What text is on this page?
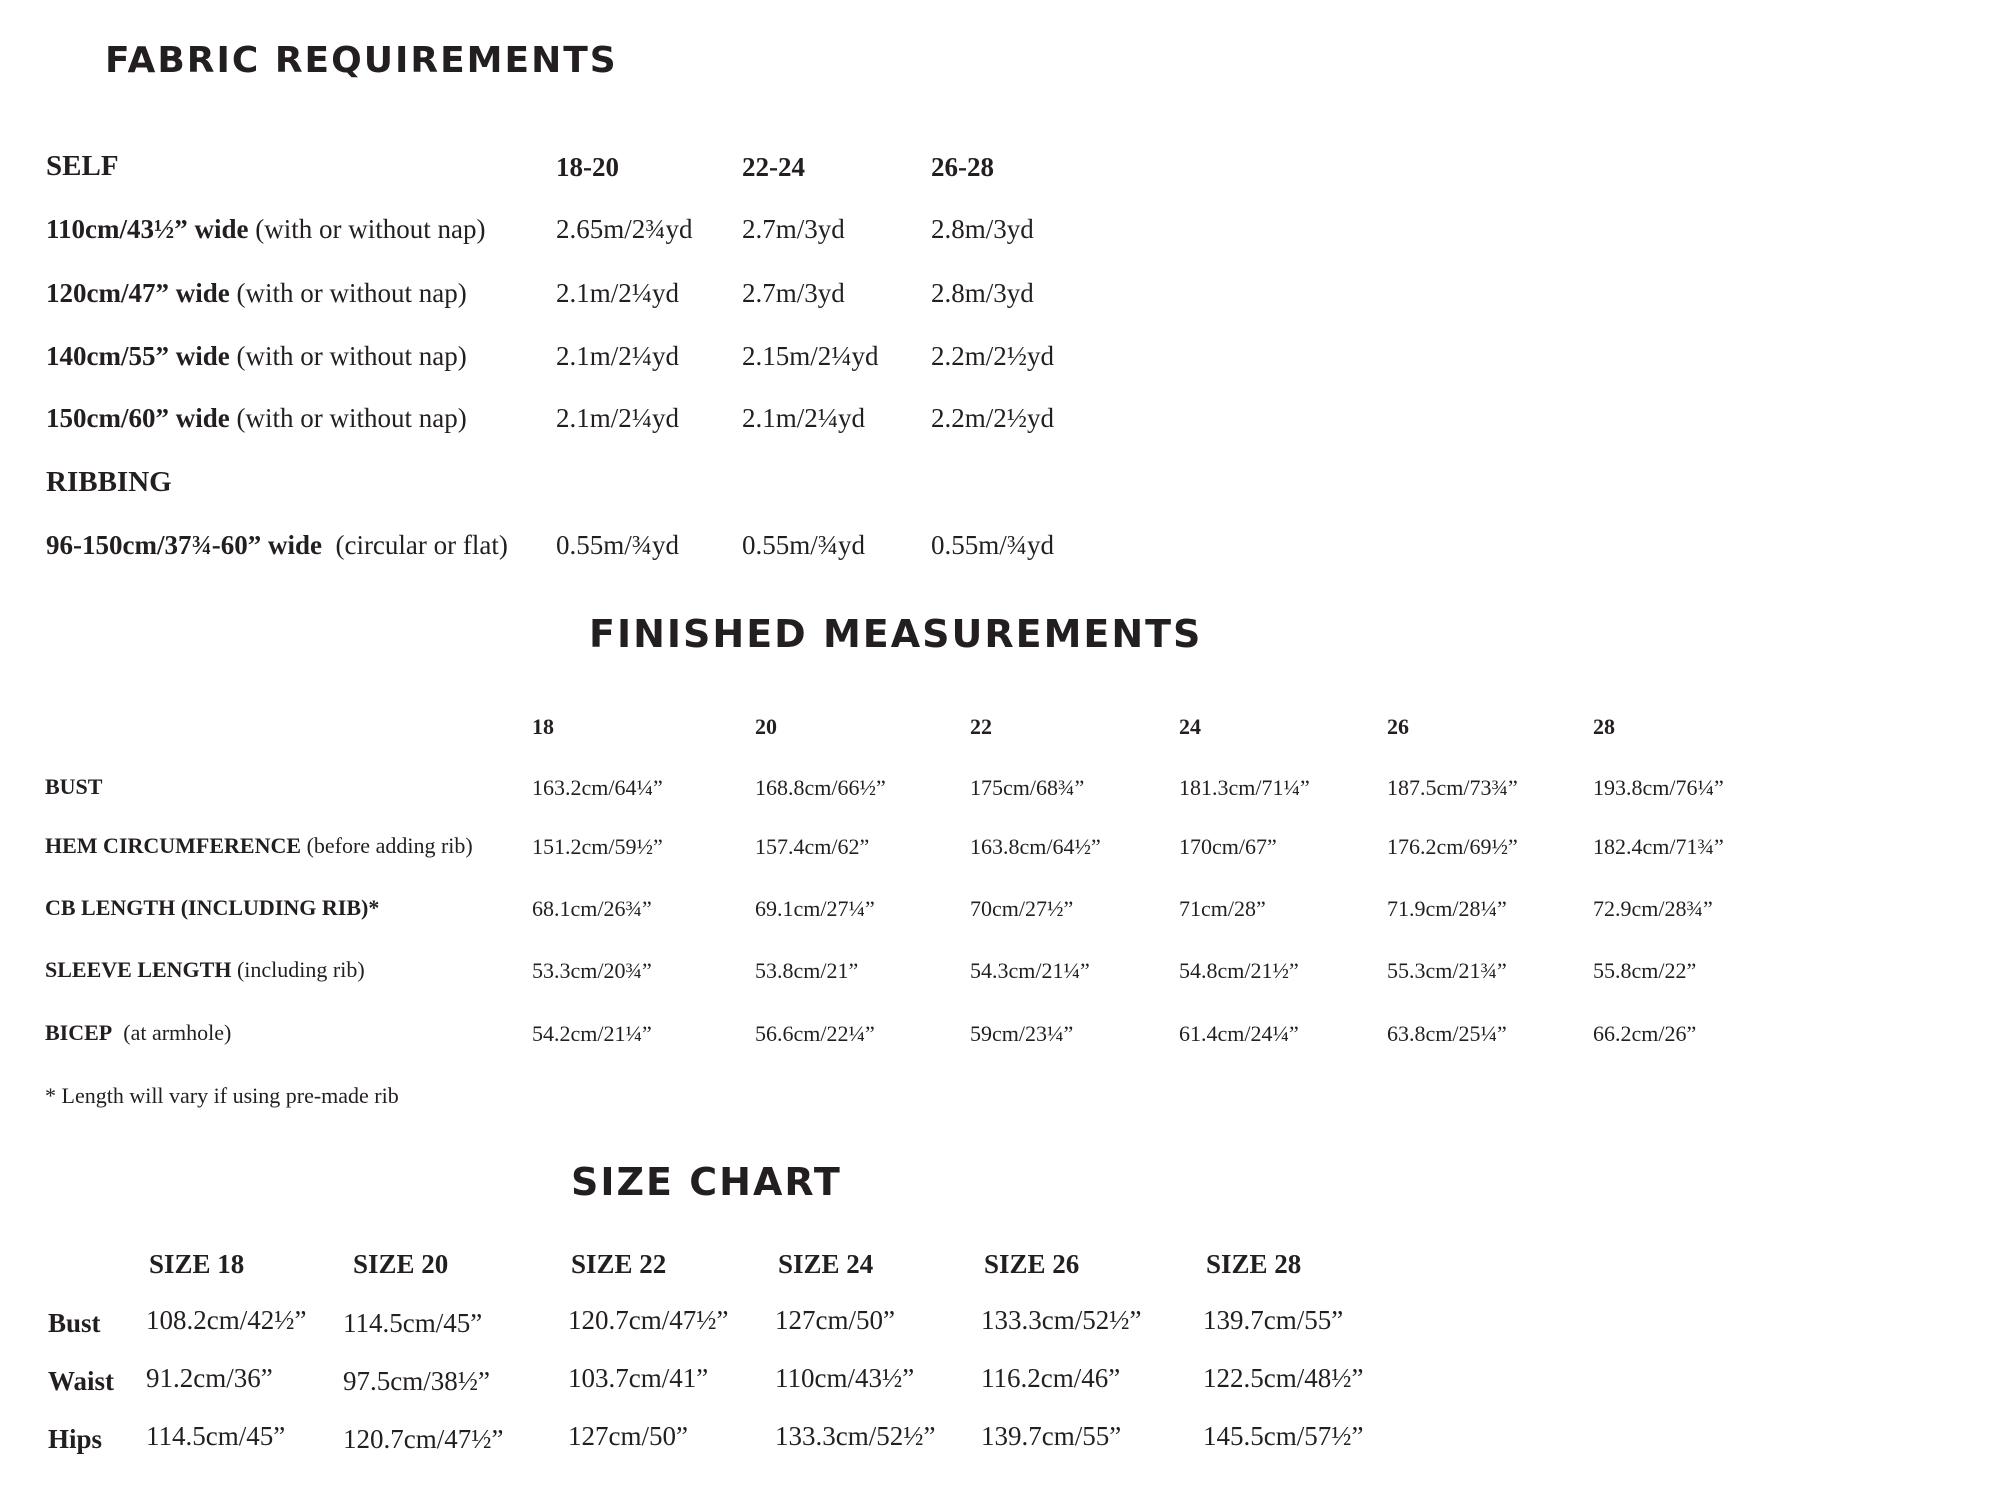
FABRIC REQUIREMENTS
SELF	18-20	22-24	26-28
110cm/43½” wide (with or without nap)	2.65m/2¾yd 2.7m/3yd	2.8m/3yd
120cm/47” wide (with or without nap)	2.1m/2¼yd 2.7m/3yd	2.8m/3yd
140cm/55” wide (with or without nap)	2.1m/2¼yd 2.15m/2¼yd 2.2m/2½yd
150cm/60” wide (with or without nap)	2.1m/2¼yd 2.1m/2¼yd 2.2m/2½yd
RIBBING
96-150cm/37¾-60” wide  (circular or flat) 0.55m/¾yd 0.55m/¾yd 0.55m/¾yd
FINISHED MEASUREMENTS
18	20	22	24	26	28
BUST	163.2cm/64¼”	168.8cm/66½”	175cm/68¾”	181.3cm/71¼”	187.5cm/73¾”	193.8cm/76¼”
HEM CIRCUMFERENCE (before adding rib)	151.2cm/59½”	157.4cm/62”	163.8cm/64½”	170cm/67”	176.2cm/69½”	182.4cm/71¾”
CB LENGTH (INCLUDING RIB)*	68.1cm/26¾”	69.1cm/27¼”	70cm/27½”	71cm/28”	71.9cm/28¼”	72.9cm/28¾”
SLEEVE LENGTH (including rib)	53.3cm/20¾”	53.8cm/21”	54.3cm/21¼”	54.8cm/21½”	55.3cm/21¾”	55.8cm/22”
BICEP  (at armhole)	54.2cm/21¼”	56.6cm/22¼”	59cm/23¼”	61.4cm/24¼”	63.8cm/25¼”	66.2cm/26”
* Length will vary if using pre-made rib
SIZE CHART
SIZE 18	SIZE 20	SIZE 22	SIZE 24	SIZE 26	SIZE 28
Bust 108.2cm/42½” 114.5cm/45”	120.7cm/47½” 127cm/50”	133.3cm/52½” 139.7cm/55”
Waist 91.2cm/36”	97.5cm/38½”	103.7cm/41” 110cm/43½” 116.2cm/46”	122.5cm/48½”
Hips 114.5cm/45” 120.7cm/47½” 127cm/50”	133.3cm/52½” 139.7cm/55”	145.5cm/57½”
